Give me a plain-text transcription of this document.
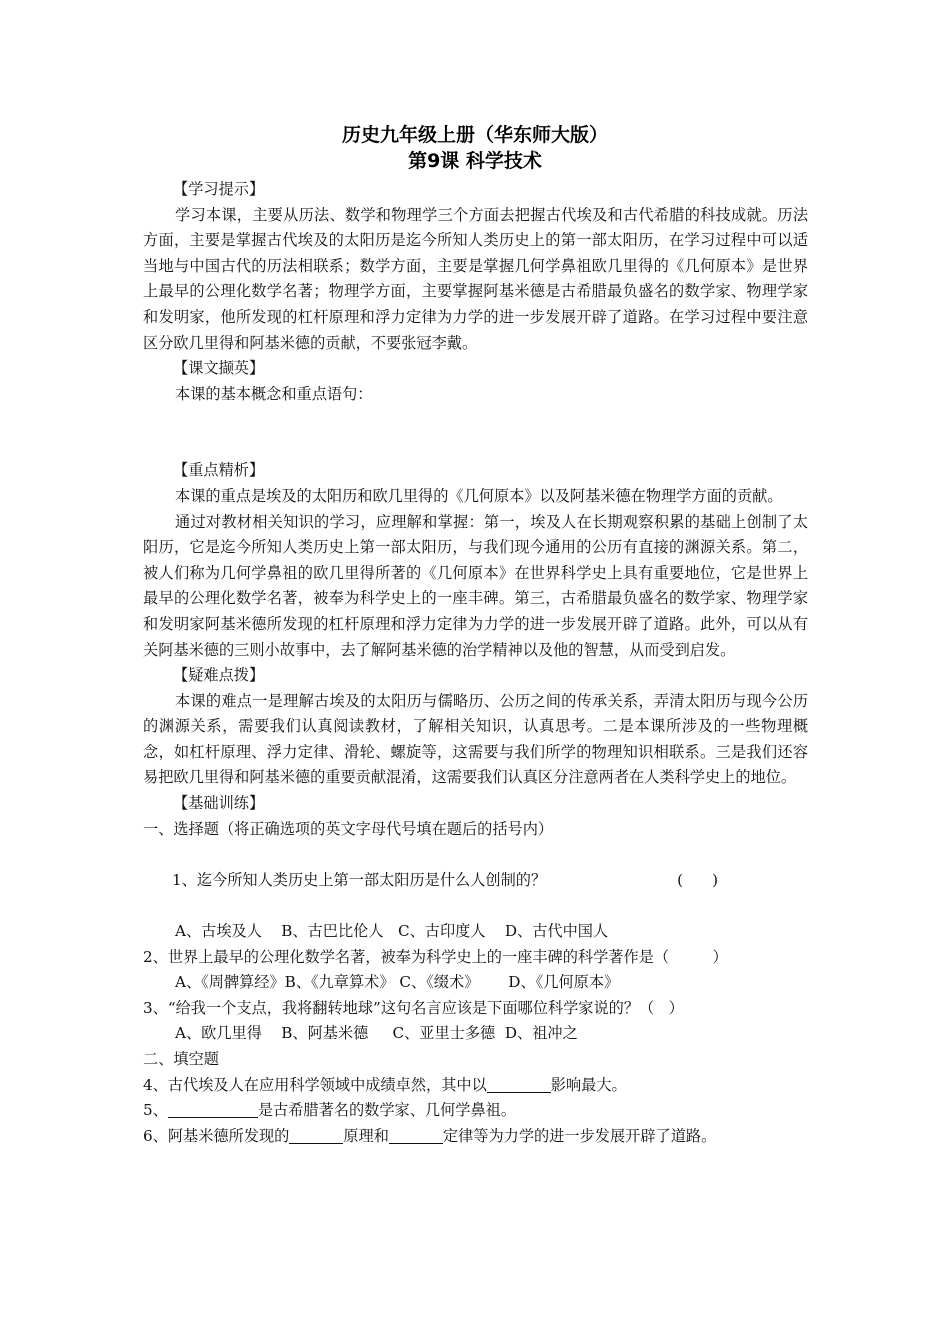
历史九年级上册（华东师大版）
第9课 科学技术

【学习提示】

学习本课，主要从历法、数学和物理学三个方面去把握古代埃及和古代希腊的科技成就。历法方面，主要是掌握古代埃及的太阳历是迄今所知人类历史上的第一部太阳历，在学习过程中可以适当地与中国古代的历法相联系；数学方面，主要是掌握几何学鼻祖欧几里得的《几何原本》是世界上最早的公理化数学名著；物理学方面，主要掌握阿基米德是古希腊最负盛名的数学家、物理学家和发明家，他所发现的杠杆原理和浮力定律为力学的进一步发展开辟了道路。在学习过程中要注意区分欧几里得和阿基米德的贡献，不要张冠李戴。

【课文撷英】

本课的基本概念和重点语句：

【重点精析】

本课的重点是埃及的太阳历和欧几里得的《几何原本》以及阿基米德在物理学方面的贡献。

通过对教材相关知识的学习，应理解和掌握：第一，埃及人在长期观察积累的基础上创制了太阳历，它是迄今所知人类历史上第一部太阳历，与我们现今通用的公历有直接的渊源关系。第二，被人们称为几何学鼻祖的欧几里得所著的《几何原本》在世界科学史上具有重要地位，它是世界上最早的公理化数学名著，被奉为科学史上的一座丰碑。第三，古希腊最负盛名的数学家、物理学家和发明家阿基米德所发现的杠杆原理和浮力定律为力学的进一步发展开辟了道路。此外，可以从有关阿基米德的三则小故事中，去了解阿基米德的治学精神以及他的智慧，从而受到启发。

【疑难点拨】

本课的难点一是理解古埃及的太阳历与儒略历、公历之间的传承关系，弄清太阳历与现今公历的渊源关系，需要我们认真阅读教材，了解相关知识，认真思考。二是本课所涉及的一些物理概念，如杠杆原理、浮力定律、滑轮、螺旋等，这需要与我们所学的物理知识相联系。三是我们还容易把欧几里得和阿基米德的重要贡献混淆，这需要我们认真区分注意两者在人类科学史上的地位。

【基础训练】

一、选择题（将正确选项的英文字母代号填在题后的括号内）

1、迄今所知人类历史上第一部太阳历是什么人创制的？	(      )

A、古埃及人    B、古巴比伦人   C、古印度人    D、古代中国人

2、世界上最早的公理化数学名著，被奉为科学史上的一座丰碑的科学著作是（         ）

A、《周髀算经》B、《九章算术》 C、《缀术》      D、《几何原本》

3、“给我一个支点，我将翻转地球”这句名言应该是下面哪位科学家说的？（   ）

A、欧几里得    B、阿基米德     C、亚里士多德  D、祖冲之

二、填空题

4、古代埃及人在应用科学领域中成绩卓然，其中以	影响最大。

5、	是古希腊著名的数学家、几何学鼻祖。

6、阿基米德所发现的	原理和	定律等为力学的进一步发展开辟了道路。
